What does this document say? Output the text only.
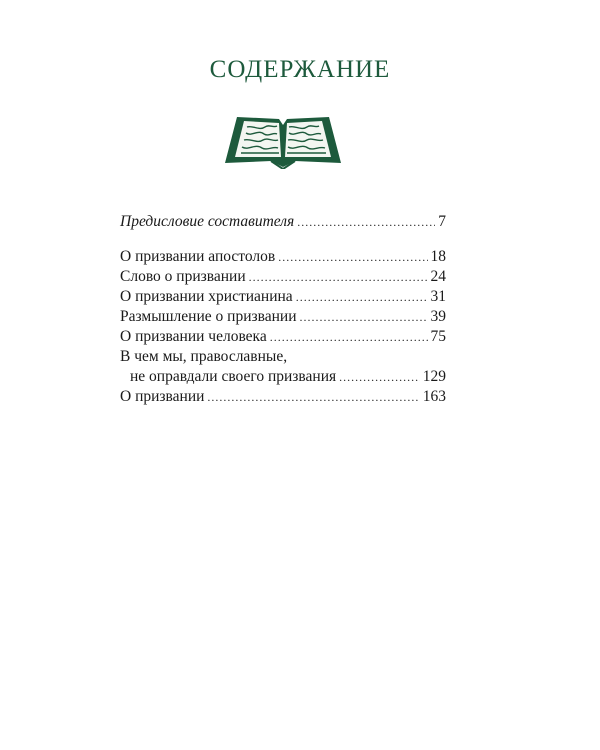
СОДЕРЖАНИЕ
Предисловие составителя .....	7
О призвании апостолов .....	18
Слово о призвании .....	24
О призвании христианина .....	31
Размышление о призвании .....	39
О призвании человека .....	75
В чем мы, православные,
не оправдали своего призвания .....	129
О призвании .....	163
